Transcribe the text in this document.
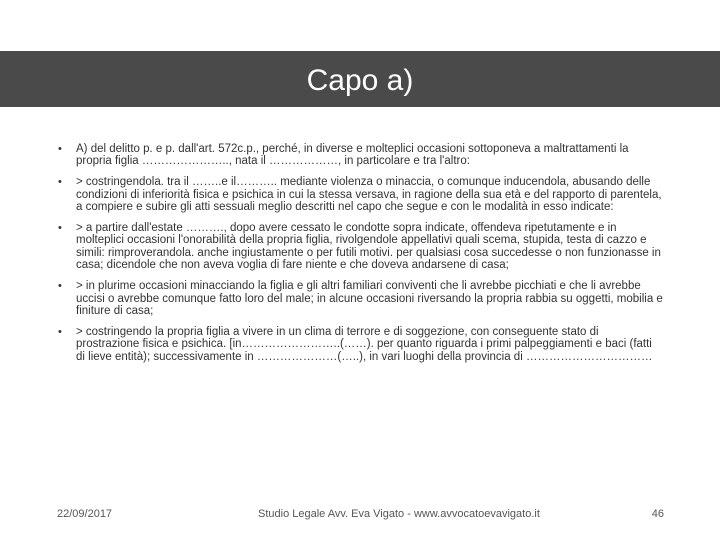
Capo a)
• A) del delitto p. e p. dall'art. 572c.p., perché, in diverse e molteplici occasioni sottoponeva a maltrattamenti la propria figlia ………………….., nata il ………………, in particolare e tra l'altro:
• > costringendola. tra il ……..e il……….. mediante violenza o minaccia, o comunque inducendola, abusando delle condizioni di inferiorità fisica e psichica in cui la stessa versava, in ragione della sua età e del rapporto di parentela, a compiere e subire gli atti sessuali meglio descritti nel capo che segue e con le modalità in esso indicate:
• > a partire dall'estate ………., dopo avere cessato le condotte sopra indicate, offendeva ripetutamente e in molteplici occasioni l'onorabilità della propria figlia, rivolgendole appellativi quali scema, stupida, testa di cazzo e simili: rimproverandola. anche ingiustamente o per futili motivi. per qualsiasi cosa succedesse o non funzionasse in casa; dicendole che non aveva voglia di fare niente e che doveva andarsene di casa;
• > in plurime occasioni minacciando la figlia e gli altri familiari conviventi che li avrebbe picchiati e che li avrebbe uccisi o avrebbe comunque fatto loro del male; in alcune occasioni riversando la propria rabbia su oggetti, mobilia e finiture di casa;
• > costringendo la propria figlia a vivere in un clima di terrore e di soggezione, con conseguente stato di prostrazione fisica e psichica. [in……………………..(……). per quanto riguarda i primi palpeggiamenti e baci (fatti di lieve entità); successivamente in …………………(…..), in vari luoghi della provincia di ……………………………
22/09/2017	Studio Legale Avv. Eva Vigato - www.avvocatoevavigato.it	46
